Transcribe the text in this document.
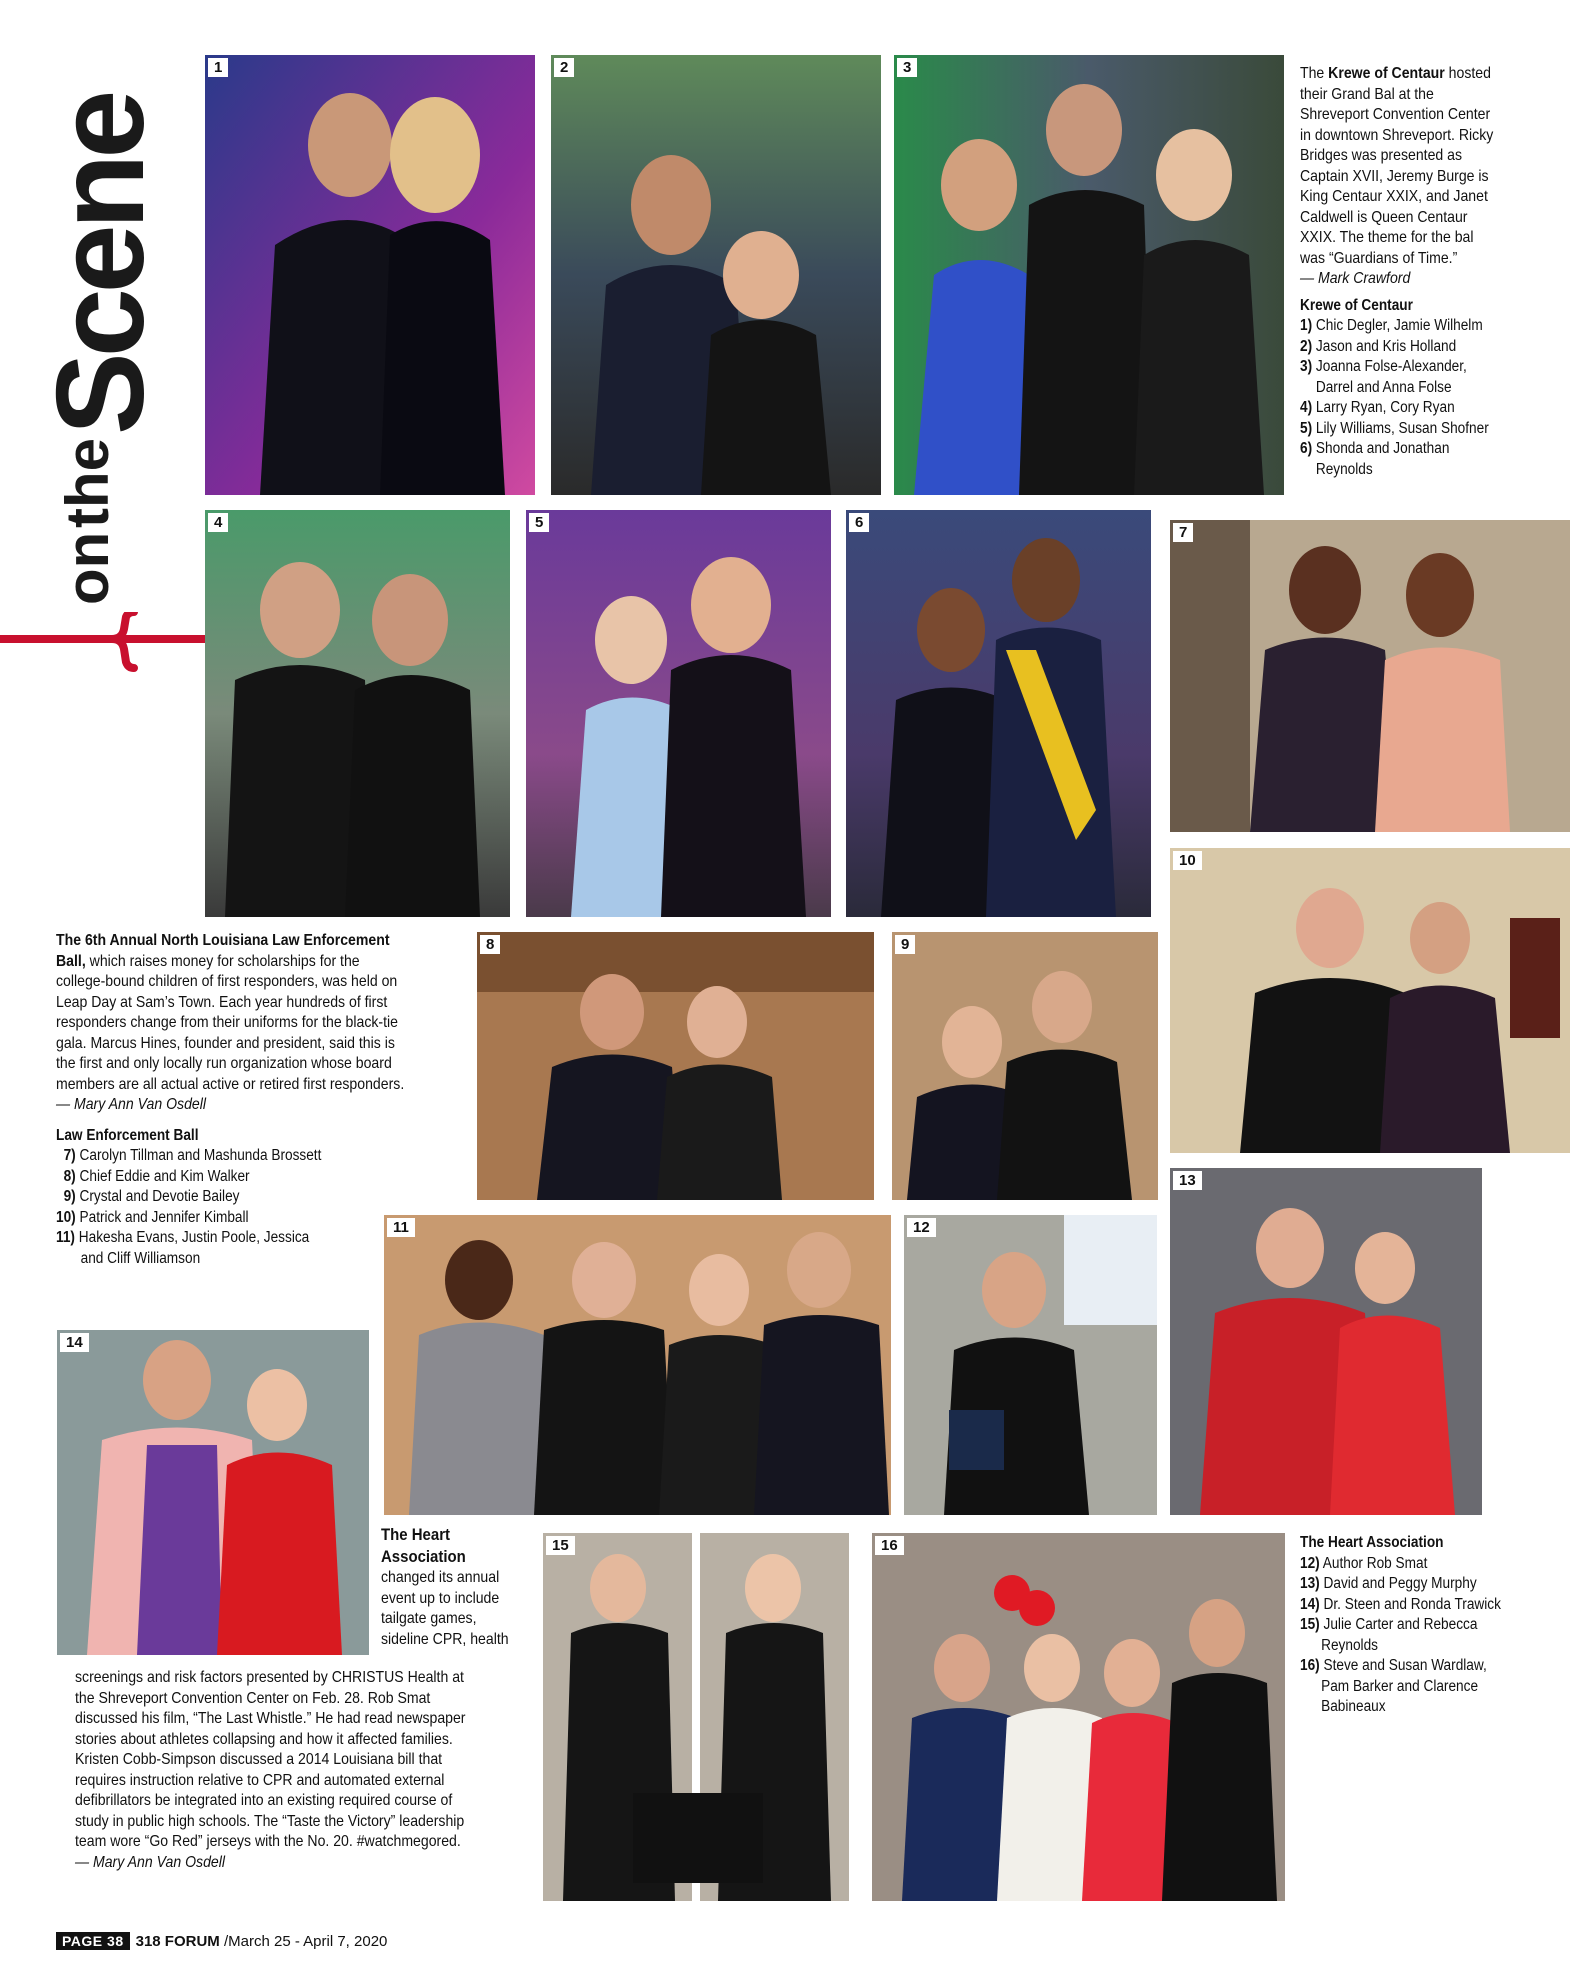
Scene
the
on
1	2	3
4	5	6
7
8	9
10
11	12
13
14
15	16
The Krewe of Centaur hosted their Grand Bal at the Shreveport Convention Center in downtown Shreveport. Ricky Bridges was presented as Captain XVII, Jeremy Burge is King Centaur XXIX, and Janet Caldwell is Queen Centaur XXIX. The theme for the bal was “Guardians of Time.”
— Mark Crawford
Krewe of Centaur
1) Chic Degler, Jamie Wilhelm
2) Jason and Kris Holland
3) Joanna Folse-Alexander, Darrel and Anna Folse
4) Larry Ryan, Cory Ryan
5) Lily Williams, Susan Shofner
6) Shonda and Jonathan Reynolds
The 6th Annual North Louisiana Law Enforcement Ball, which raises money for scholarships for the college-bound children of first responders, was held on Leap Day at Sam’s Town. Each year hundreds of first responders change from their uniforms for the black-tie gala. Marcus Hines, founder and president, said this is the first and only locally run organization whose board members are all actual active or retired first responders. — Mary Ann Van Osdell
Law Enforcement Ball
7) Carolyn Tillman and Mashunda Brossett
8) Chief Eddie and Kim Walker
9) Crystal and Devotie Bailey
10) Patrick and Jennifer Kimball
11) Hakesha Evans, Justin Poole, Jessica and Cliff Williamson
The Heart Association changed its annual event up to include tailgate games, sideline CPR, health
screenings and risk factors presented by CHRISTUS Health at the Shreveport Convention Center on Feb. 28. Rob Smat discussed his film, “The Last Whistle.” He had read newspaper stories about athletes collapsing and how it affected families. Kristen Cobb-Simpson discussed a 2014 Louisiana bill that requires instruction relative to CPR and automated external defibrillators be integrated into an existing required course of study in public high schools. The “Taste the Victory” leadership team wore “Go Red” jerseys with the No. 20. #watchmegored.
— Mary Ann Van Osdell
The Heart Association
12) Author Rob Smat
13) David and Peggy Murphy
14) Dr. Steen and Ronda Trawick
15) Julie Carter and Rebecca Reynolds
16) Steve and Susan Wardlaw, Pam Barker and Clarence Babineaux
PAGE 38 318 FORUM /March 25 - April 7, 2020
